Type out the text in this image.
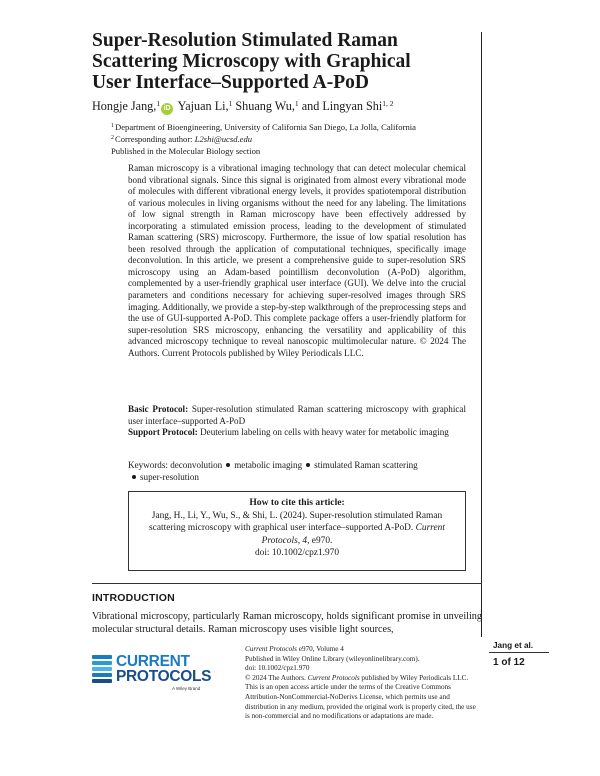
Super-Resolution Stimulated Raman Scattering Microscopy with Graphical User Interface–Supported A-PoD
Hongje Jang,$^1$iD Yajuan Li,$^1$ Shuang Wu,$^1$ and Lingyan Shi$^{1, 2}$
$^1$Department of Bioengineering, University of California San Diego, La Jolla, California
$^2$Corresponding author: L2shi@ucsd.edu
Published in the Molecular Biology section

Raman microscopy is a vibrational imaging technology that can detect molecular chemical bond vibrational signals. Since this signal is originated from almost every vibrational mode of molecules with different vibrational energy levels, it provides spatiotemporal distribution of various molecules in living organisms without the need for any labeling. The limitations of low signal strength in Raman microscopy have been effectively addressed by incorporating a stimulated emission process, leading to the development of stimulated Raman scattering (SRS) microscopy. Furthermore, the issue of low spatial resolution has been resolved through the application of computational techniques, specifically image deconvolution. In this article, we present a comprehensive guide to super-resolution SRS microscopy using an Adam-based pointillism deconvolution (A-PoD) algorithm, complemented by a user-friendly graphical user interface (GUI). We delve into the crucial parameters and conditions necessary for achieving super-resolved images through SRS imaging. Additionally, we provide a step-by-step walkthrough of the preprocessing steps and the use of GUI-supported A-PoD. This complete package offers a user-friendly platform for super-resolution SRS microscopy, enhancing the versatility and applicability of this advanced microscopy technique to reveal nanoscopic multimolecular nature. © 2024 The Authors. Current Protocols published by Wiley Periodicals LLC.

Basic Protocol: Super-resolution stimulated Raman scattering microscopy with graphical user interface–supported A-PoD
Support Protocol: Deuterium labeling on cells with heavy water for metabolic imaging
Keywords: deconvolution metabolic imaging stimulated Raman scattering
super-resolution
How to cite this article:
Jang, H., Li, Y., Wu, S., & Shi, L. (2024). Super-resolution stimulated Raman scattering microscopy with graphical user interface–supported A-PoD. Current Protocols, 4, e970.
doi: 10.1002/cpz1.970
INTRODUCTION

Vibrational microscopy, particularly Raman microscopy, holds significant promise in unveiling molecular structural details. Raman microscopy uses visible light sources,

CURRENT
PROTOCOLS
A Wiley Brand
Current Protocols e970, Volume 4
Published in Wiley Online Library (wileyonlinelibrary.com).
doi: 10.1002/cpz1.970
© 2024 The Authors. Current Protocols published by Wiley Periodicals LLC. This is an open access article under the terms of the Creative Commons Attribution-NonCommercial-NoDerivs License, which permits use and distribution in any medium, provided the original work is properly cited, the use is non-commercial and no modifications or adaptations are made.
Jang et al.
1 of 12
